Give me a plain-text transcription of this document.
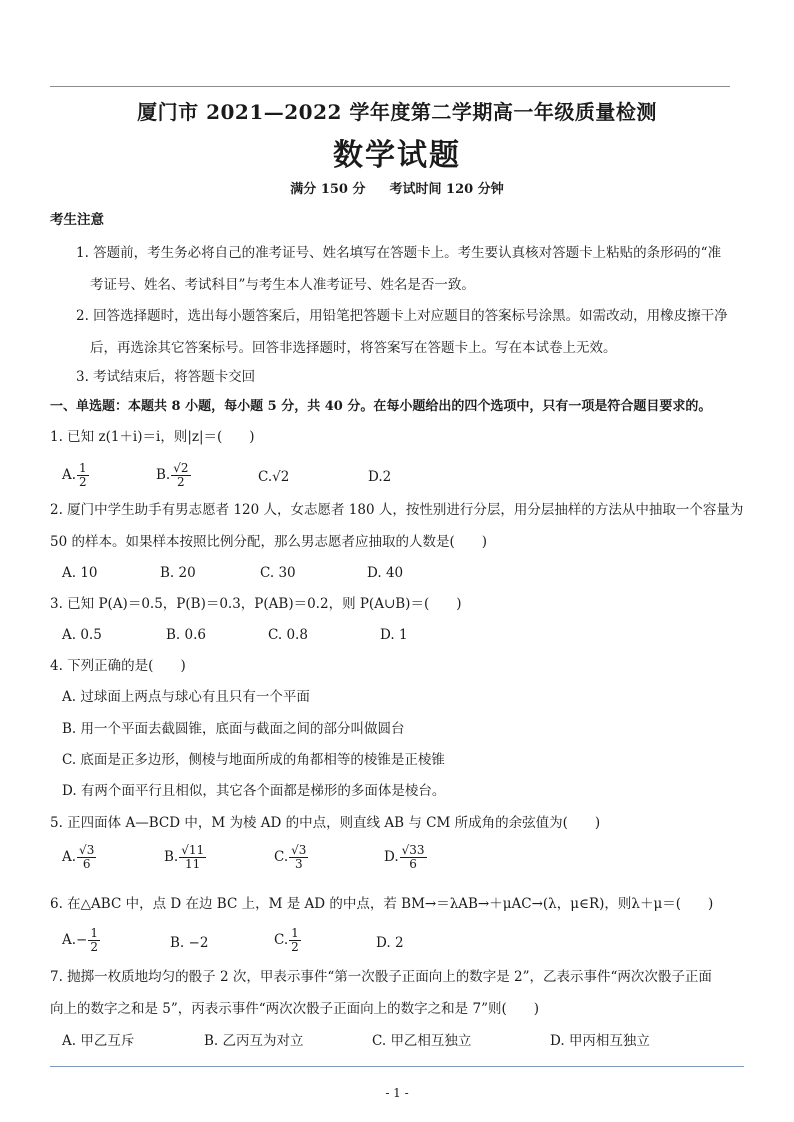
厦门市 2021—2022 学年度第二学期高一年级质量检测
数学试题
满分 150 分 考试时间 120 分钟
考生注意
1. 答题前，考生务必将自己的准考证号、姓名填写在答题卡上。考生要认真核对答题卡上粘贴的条形码的“准
考证号、姓名、考试科目”与考生本人准考证号、姓名是否一致。
2. 回答选择题时，选出每小题答案后，用铅笔把答题卡上对应题目的答案标号涂黑。如需改动，用橡皮擦干净
后，再选涂其它答案标号。回答非选择题时，将答案写在答题卡上。写在本试卷上无效。
3. 考试结束后，将答题卡交回
一、单选题：本题共 8 小题，每小题 5 分，共 40 分。在每小题给出的四个选项中，只有一项是符合题目要求的。
1. 已知 z(1＋i)＝i，则|z|＝(　　)
A. $\frac{1}{2}$	B. $\frac{√2}{2}$	C.√2	D.2
2. 厦门中学生助手有男志愿者 120 人，女志愿者 180 人，按性别进行分层，用分层抽样的方法从中抽取一个容量为
50 的样本。如果样本按照比例分配，那么男志愿者应抽取的人数是(　　)
A. 10	B. 20	C. 30	D. 40
3. 已知 P(A)＝0.5，P(B)＝0.3，P(AB)＝0.2，则 P(A∪B)＝(　　)
A. 0.5	B. 0.6	C. 0.8	D. 1
4. 下列正确的是(　　)
A. 过球面上两点与球心有且只有一个平面
B. 用一个平面去截圆锥，底面与截面之间的部分叫做圆台
C. 底面是正多边形，侧棱与地面所成的角都相等的棱锥是正棱锥
D. 有两个面平行且相似，其它各个面都是梯形的多面体是棱台。
5. 正四面体 A—BCD 中，M 为棱 AD 的中点，则直线 AB 与 CM 所成角的余弦值为(　　)
A. $\frac{√3}{6}$	B. $\frac{√11}{11}$	C. $\frac{√3}{3}$	D. $\frac{√33}{6}$
6. 在△ABC 中，点 D 在边 BC 上，M 是 AD 的中点，若 BM→＝λAB→＋μAC→(λ，μ∈R)，则λ＋μ＝(　　)
$A.- \frac{1}{2}$	B. −2	C. $\frac{1}{2}$	D. 2
7. 抛掷一枚质地均匀的骰子 2 次，甲表示事件“第一次骰子正面向上的数字是 2”，乙表示事件“两次次骰子正面
向上的数字之和是 5”，丙表示事件“两次次骰子正面向上的数字之和是 7”则(　　)
A. 甲乙互斥	B. 乙丙互为对立	C. 甲乙相互独立	D. 甲丙相互独立
- 1 -
